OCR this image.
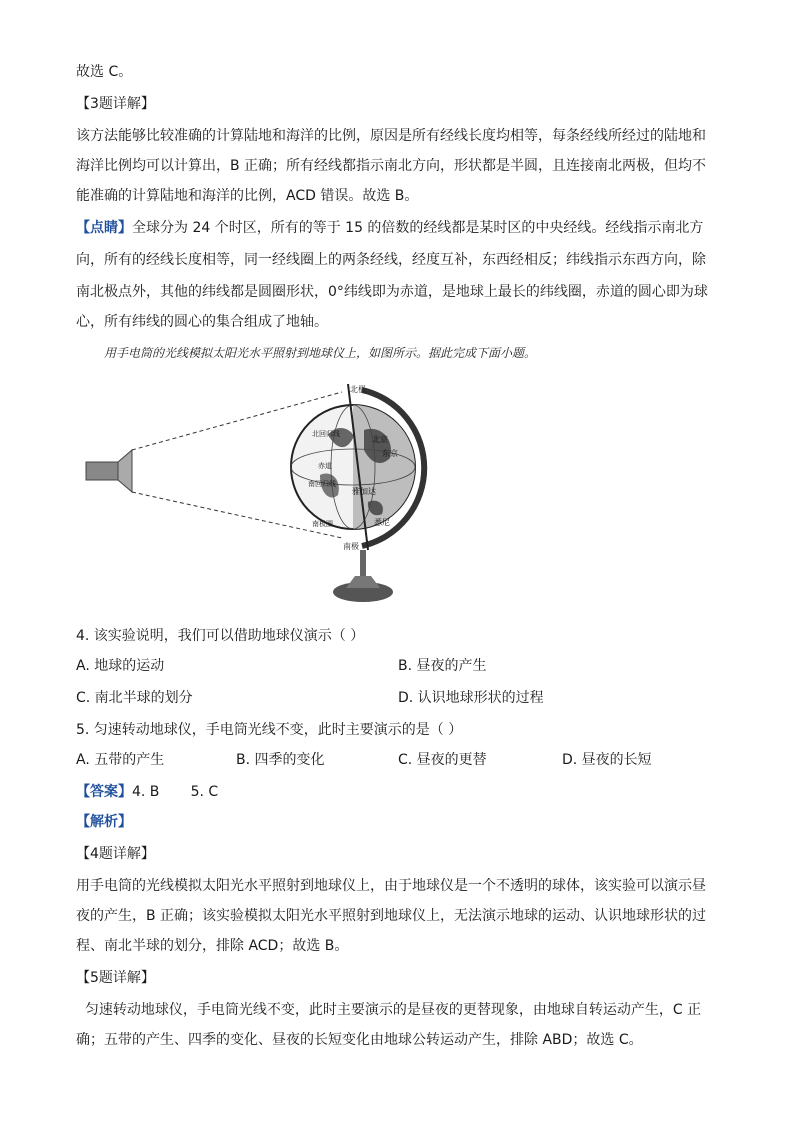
故选 C。
【3题详解】
该方法能够比较准确的计算陆地和海洋的比例，原因是所有经线长度均相等，每条经线所经过的陆地和
海洋比例均可以计算出，B 正确；所有经线都指示南北方向，形状都是半圆，且连接南北两极，但均不
能准确的计算陆地和海洋的比例，ACD 错误。故选 B。
【点睛】全球分为 24 个时区，所有的等于 15 的倍数的经线都是某时区的中央经线。经线指示南北方
向，所有的经线长度相等，同一经线圈上的两条经线，经度互补，东西经相反；纬线指示东西方向，除
南北极点外，其他的纬线都是圆圈形状，0°纬线即为赤道，是地球上最长的纬线圈，赤道的圆心即为球
心，所有纬线的圆心的集合组成了地轴。
用手电筒的光线模拟太阳光水平照射到地球仪上，如图所示。据此完成下面小题。
北极
南极
北回归线
赤道
南回归线
南极圈
北京
东京
雅加达
悉尼
4. 该实验说明，我们可以借助地球仪演示（ ）
A. 地球的运动	B. 昼夜的产生
C. 南北半球的划分	D. 认识地球形状的过程
5. 匀速转动地球仪，手电筒光线不变，此时主要演示的是（ ）
A. 五带的产生	B. 四季的变化	C. 昼夜的更替	D. 昼夜的长短
【答案】4. B       5. C
【解析】
【4题详解】
用手电筒的光线模拟太阳光水平照射到地球仪上，由于地球仪是一个不透明的球体，该实验可以演示昼
夜的产生，B 正确；该实验模拟太阳光水平照射到地球仪上，无法演示地球的运动、认识地球形状的过
程、南北半球的划分，排除 ACD；故选 B。
【5题详解】
匀速转动地球仪，手电筒光线不变，此时主要演示的是昼夜的更替现象，由地球自转运动产生，C 正
确；五带的产生、四季的变化、昼夜的长短变化由地球公转运动产生，排除 ABD；故选 C。
